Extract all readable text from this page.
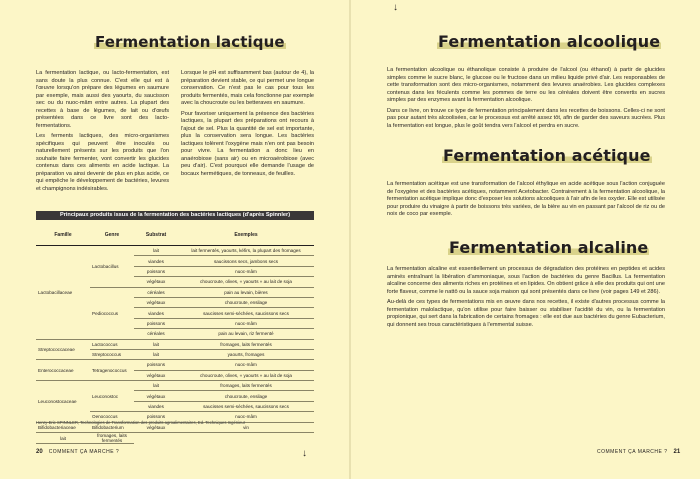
Fermentation lactique

La fermentation lactique, ou lacto-fermentation, est sans doute la plus connue. C'est elle qui est à l'œuvre lorsqu'on prépare des légumes en saumure par exemple, mais aussi des yaourts, du saucisson sec ou du nuoc-mâm entre autres. La plupart des recettes à base de légumes, de lait ou d'œufs présentées dans ce livre sont des lacto-fermentations.

Les ferments lactiques, des micro-organismes spécifiques qui peuvent être inoculés ou naturellement présents sur les produits que l'on souhaite faire fermenter, vont convertir les glucides contenus dans ces aliments en acide lactique. La préparation va ainsi devenir de plus en plus acide, ce qui empêche le développement de bactéries, levures et champignons indésirables.

Lorsque le pH est suffisamment bas (autour de 4), la préparation devient stable, ce qui permet une longue conservation. Ce n'est pas le cas pour tous les produits fermentés, mais cela fonctionne par exemple avec la choucroute ou les betteraves en saumure.

Pour favoriser uniquement la présence des bactéries lactiques, la plupart des préparations ont recours à l'ajout de sel. Plus la quantité de sel est importante, plus la conservation sera longue. Les bactéries lactiques tolèrent l'oxygène mais n'en ont pas besoin pour vivre. La fermentation a donc lieu en anaérobiose (sans air) ou en microaérobiose (avec peu d'air). C'est pourquoi elle demande l'usage de bocaux hermétiques, de tonneaux, de feuilles.

Principaux produits issus de la fermentation des bactéries lactiques (d'après Spinnler)
Famille	Genre	Substrat	Exemples
Lactobacillaceae	Lactobacillus	lait	lait fermentés, yaourts, kéfirs, la plupart des fromages
		viandes	saucissons secs, jambons secs
		poissons	nuoc-mâm
		végétaux	choucroute, olives, « yaourts » au lait de soja
	Pediococcus	céréales	pain au levain, bières
		végétaux	choucroute, ensilage
		viandes	saucisses semi-séchées, saucissons secs
		poissons	nuoc-mâm
		céréales	pain au levain, riz fermenté
Streptococcaceae	Lactococcus	lait	fromages, laits fermentés
	Streptococcus	lait	yaourts, fromages
Enterococcaceae	Tetragenococcus	poissons	nuoc-mâm
		végétaux	choucroute, olives, « yaourts » au lait de soja
Leuconostocaceae	Leuconostoc	lait	fromages, laits fermentés
		végétaux	choucroute, ensilage
		viandes	saucisses semi-séchées, saucissons secs
	Oenococcus	poissons	nuoc-mâm
Bifidobacteriaceae	Bifidobacterium	végétaux	vin
lait	fromages, laits fermentés		
Henry-Eric SPINNLER, Technologies de Transformation des produits agroalimentaires, Ed. Techniques Ingénieur
20 COMMENT ÇA MARCHE ?	↓
↓
Fermentation alcoolique

La fermentation alcoolique ou éthanolique consiste à produire de l'alcool (ou éthanol) à partir de glucides simples comme le sucre blanc, le glucose ou le fructose dans un milieu liquide privé d'air. Les responsables de cette transformation sont des micro-organismes, notamment des levures anaérobies. Les glucides complexes contenus dans les féculents comme les pommes de terre ou les céréales doivent être convertis en sucres simples par des enzymes avant la fermentation alcoolique.

Dans ce livre, on trouve ce type de fermentation principalement dans les recettes de boissons. Celles-ci ne sont pas pour autant très alcoolisées, car le processus est arrêté assez tôt, afin de garder des saveurs sucrées. Plus la fermentation est longue, plus le goût tendra vers l'alcool et perdra en sucre.

Fermentation acétique

La fermentation acétique est une transformation de l'alcool éthylique en acide acétique sous l'action conjuguée de l'oxygène et des bactéries acétiques, notamment Acetobacter. Contrairement à la fermentation alcoolique, la fermentation acétique implique donc d'exposer les solutions alcooliques à l'air afin de les oxyder. Elle est utilisée pour produire du vinaigre à partir de boissons très variées, de la bière au vin en passant par l'alcool de riz ou de noix de coco par exemple.

Fermentation alcaline

La fermentation alcaline est essentiellement un processus de dégradation des protéines en peptides et acides aminés entraînant la libération d'ammoniaque, sous l'action de bactéries du genre Bacillus. La fermentation alcaline concerne des aliments riches en protéines et en lipides. On obtient grâce à elle des produits qui ont une forte flaveur, comme le nattō ou la sauce soja maison qui sont présentés dans ce livre (voir pages 149 et 286).

Au-delà de ces types de fermentations mis en œuvre dans nos recettes, il existe d'autres processus comme la fermentation malolactique, qu'on utilise pour faire baisser ou stabiliser l'acidité du vin, ou la fermentation propionique, qui sert dans la fabrication de certains fromages : elle est due aux bactéries du genre Eubacterium, qui donnent ses trous caractéristiques à l'emmental suisse.

COMMENT ÇA MARCHE ? 21
